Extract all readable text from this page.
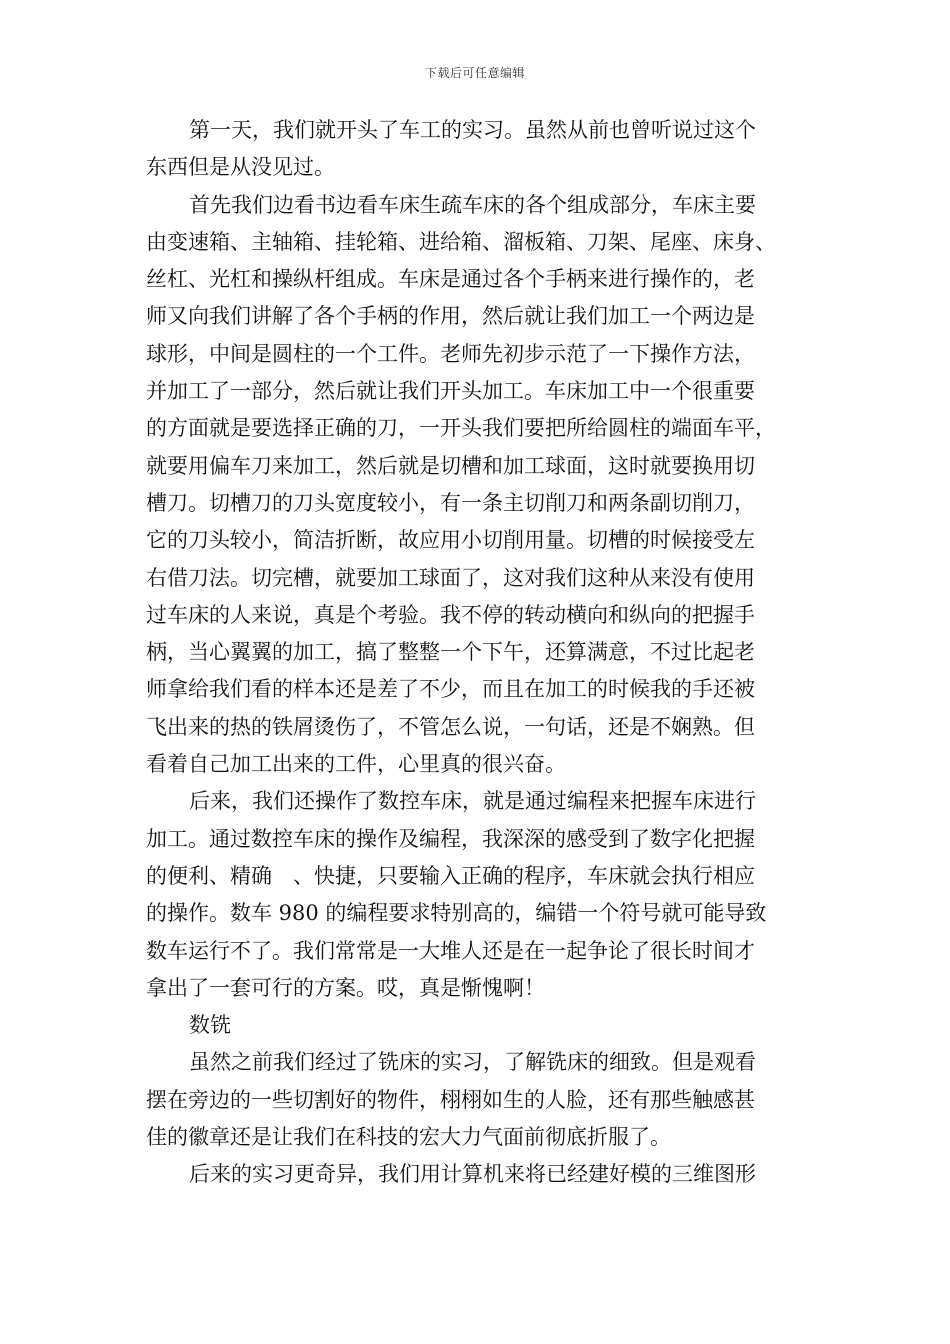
下载后可任意编辑
第一天，我们就开头了车工的实习。虽然从前也曾听说过这个
东西但是从没见过。
首先我们边看书边看车床生疏车床的各个组成部分，车床主要
由变速箱、主轴箱、挂轮箱、进给箱、溜板箱、刀架、尾座、床身、
丝杠、光杠和操纵杆组成。车床是通过各个手柄来进行操作的，老
师又向我们讲解了各个手柄的作用，然后就让我们加工一个两边是
球形，中间是圆柱的一个工件。老师先初步示范了一下操作方法，
并加工了一部分，然后就让我们开头加工。车床加工中一个很重要
的方面就是要选择正确的刀，一开头我们要把所给圆柱的端面车平，
就要用偏车刀来加工，然后就是切槽和加工球面，这时就要换用切
槽刀。切槽刀的刀头宽度较小，有一条主切削刀和两条副切削刀，
它的刀头较小，简洁折断，故应用小切削用量。切槽的时候接受左
右借刀法。切完槽，就要加工球面了，这对我们这种从来没有使用
过车床的人来说，真是个考验。我不停的转动横向和纵向的把握手
柄，当心翼翼的加工，搞了整整一个下午，还算满意，不过比起老
师拿给我们看的样本还是差了不少，而且在加工的时候我的手还被
飞出来的热的铁屑烫伤了，不管怎么说，一句话，还是不娴熟。但
看着自己加工出来的工件，心里真的很兴奋。
后来，我们还操作了数控车床，就是通过编程来把握车床进行
加工。通过数控车床的操作及编程，我深深的感受到了数字化把握
的便利、精确　、快捷，只要输入正确的程序，车床就会执行相应
的操作。数车 980 的编程要求特别高的，编错一个符号就可能导致
数车运行不了。我们常常是一大堆人还是在一起争论了很长时间才
拿出了一套可行的方案。哎，真是惭愧啊！
数铣
虽然之前我们经过了铣床的实习，了解铣床的细致。但是观看
摆在旁边的一些切割好的物件，栩栩如生的人脸，还有那些触感甚
佳的徽章还是让我们在科技的宏大力气面前彻底折服了。
后来的实习更奇异，我们用计算机来将已经建好模的三维图形
